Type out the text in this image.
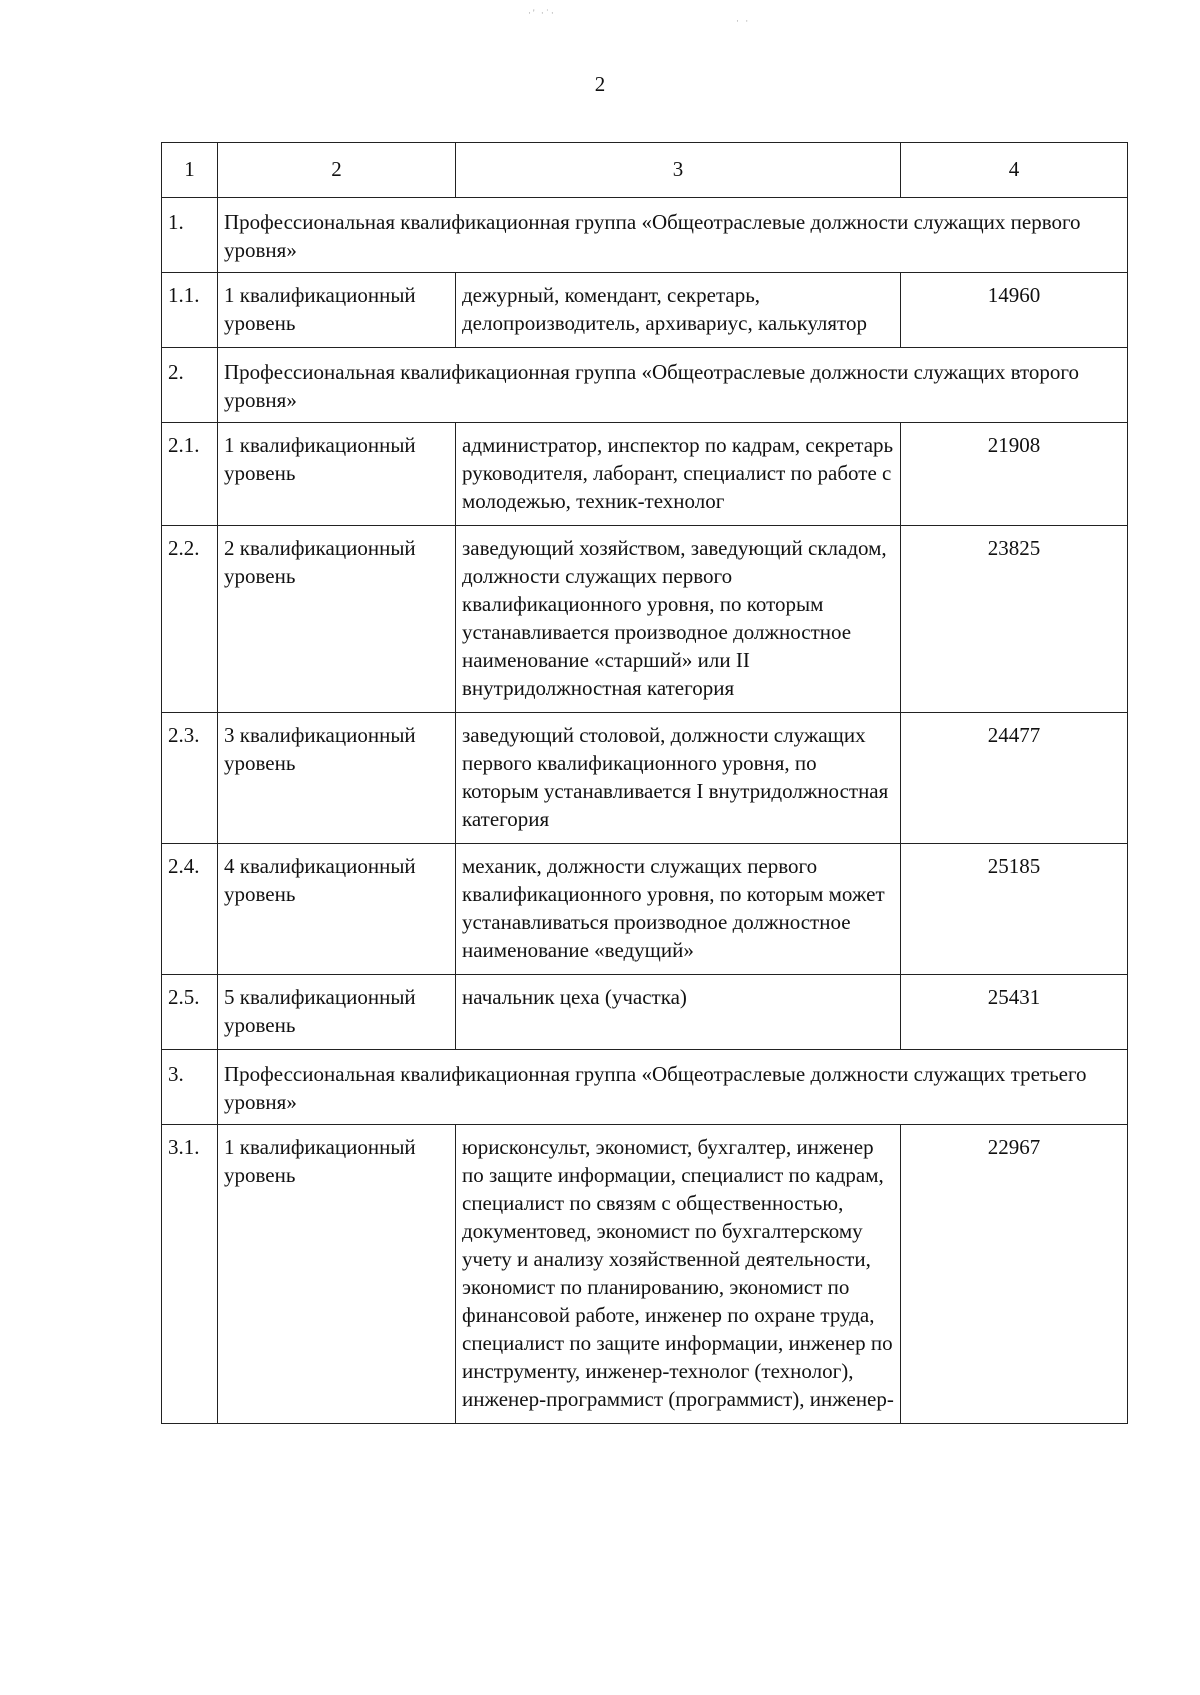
2
·' ·˙·
· ·
1	2	3	4
1.	Профессиональная квалификационная группа «Общеотраслевые должности служащих первого уровня»		
1.1.	1 квалификационный уровень	дежурный, комендант, секретарь, делопроизводитель, архивариус, калькулятор	14960
2.	Профессиональная квалификационная группа «Общеотраслевые должности служащих второго уровня»		
2.1.	1 квалификационный уровень	администратор, инспектор по кадрам, секретарь руководителя, лаборант, специалист по работе с молодежью, техник-технолог	21908
2.2.	2 квалификационный уровень	заведующий хозяйством, заведующий складом, должности служащих первого квалификационного уровня, по которым устанавливается производное должностное наименование «старший» или II внутридолжностная категория	23825
2.3.	3 квалификационный уровень	заведующий столовой, должности служащих первого квалификационного уровня, по которым устанавливается I внутридолжностная категория	24477
2.4.	4 квалификационный уровень	механик, должности служащих первого квалификационного уровня, по которым может устанавливаться производное должностное наименование «ведущий»	25185
2.5.	5 квалификационный уровень	начальник цеха (участка)	25431
3.	Профессиональная квалификационная группа «Общеотраслевые должности служащих третьего уровня»		
3.1.	1 квалификационный уровень	юрисконсульт, экономист, бухгалтер, инженер по защите информации, специалист по кадрам, специалист по связям с общественностью, документовед, экономист по бухгалтерскому учету и анализу хозяйственной деятельности, экономист по планированию, экономист по финансовой работе, инженер по охране труда, специалист по защите информации, инженер по инструменту, инженер-технолог (технолог), инженер-программист (программист), инженер-	22967
